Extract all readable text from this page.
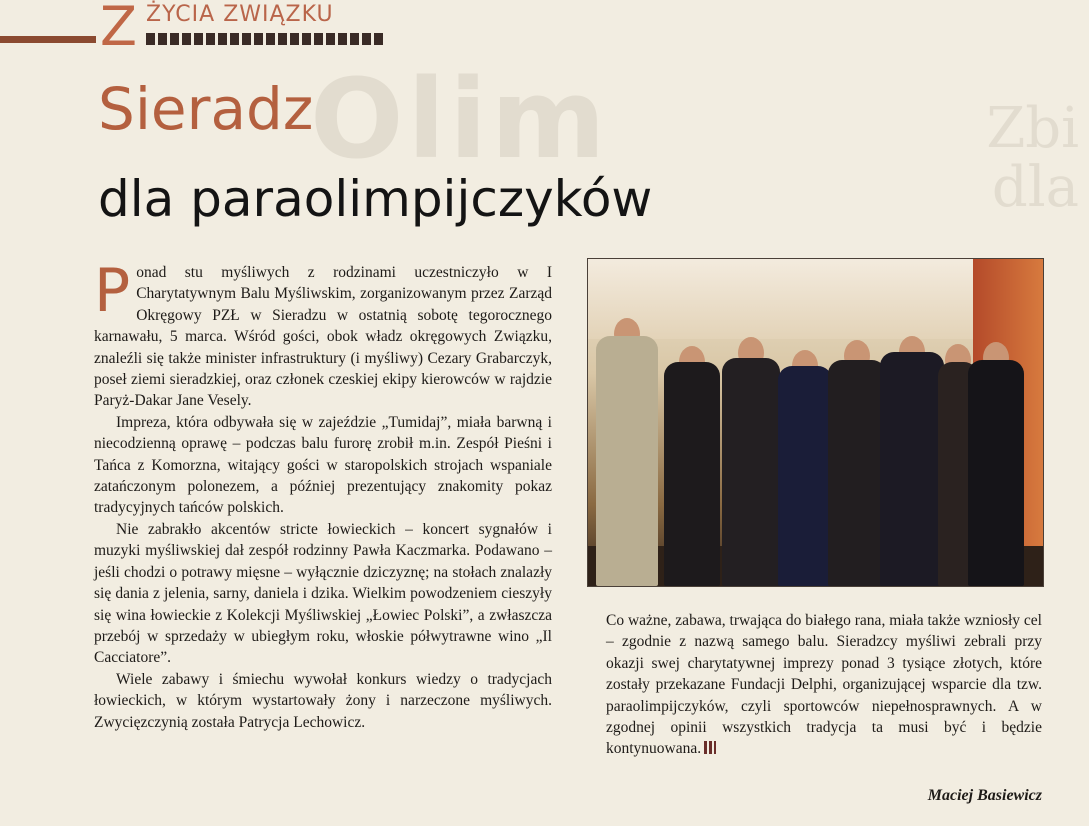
Olim	Zbi
dla
Z ŻYCIA ZWIĄZKU
Sieradz
dla paraolimpijczyków

Ponad stu myśliwych z rodzinami uczestniczyło w I Charytatywnym Balu Myśliwskim, zorganizowanym przez Zarząd Okręgowy PZŁ w Sieradzu w ostatnią sobotę tegorocznego karnawału, 5 marca. Wśród gości, obok władz okręgowych Związku, znaleźli się także minister infrastruktury (i myśliwy) Cezary Grabarczyk, poseł ziemi sieradzkiej, oraz członek czeskiej ekipy kierowców w rajdzie Paryż-Dakar Jane Vesely.

Impreza, która odbywała się w zajeździe „Tumidaj”, miała barwną i niecodzienną oprawę – podczas balu furorę zrobił m.in. Zespół Pieśni i Tańca z Komorzna, witający gości w staropolskich strojach wspaniale zatańczonym polonezem, a później prezentujący znakomity pokaz tradycyjnych tańców polskich.

Nie zabrakło akcentów stricte łowieckich – koncert sygnałów i muzyki myśliwskiej dał zespół rodzinny Pawła Kaczmarka. Podawano – jeśli chodzi o potrawy mięsne – wyłącznie dziczyznę; na stołach znalazły się dania z jelenia, sarny, daniela i dzika. Wielkim powodzeniem cieszyły się wina łowieckie z Kolekcji Myśliwskiej „Łowiec Polski”, a zwłaszcza przebój w sprzedaży w ubiegłym roku, włoskie półwytrawne wino „Il Cacciatore”.

Wiele zabawy i śmiechu wywołał konkurs wiedzy o tradycjach łowieckich, w którym wystartowały żony i narzeczone myśliwych. Zwycięzczynią została Patrycja Lechowicz.

Co ważne, zabawa, trwająca do białego rana, miała także wzniosły cel – zgodnie z nazwą samego balu. Sieradzcy myśliwi zebrali przy okazji swej charytatywnej imprezy ponad 3 tysiące złotych, które zostały przekazane Fundacji Delphi, organizującej wsparcie dla tzw. paraolimpijczyków, czyli sportowców niepełnosprawnych. A w zgodnej opinii wszystkich tradycja ta musi być i będzie kontynuowana.

Maciej Basiewicz
